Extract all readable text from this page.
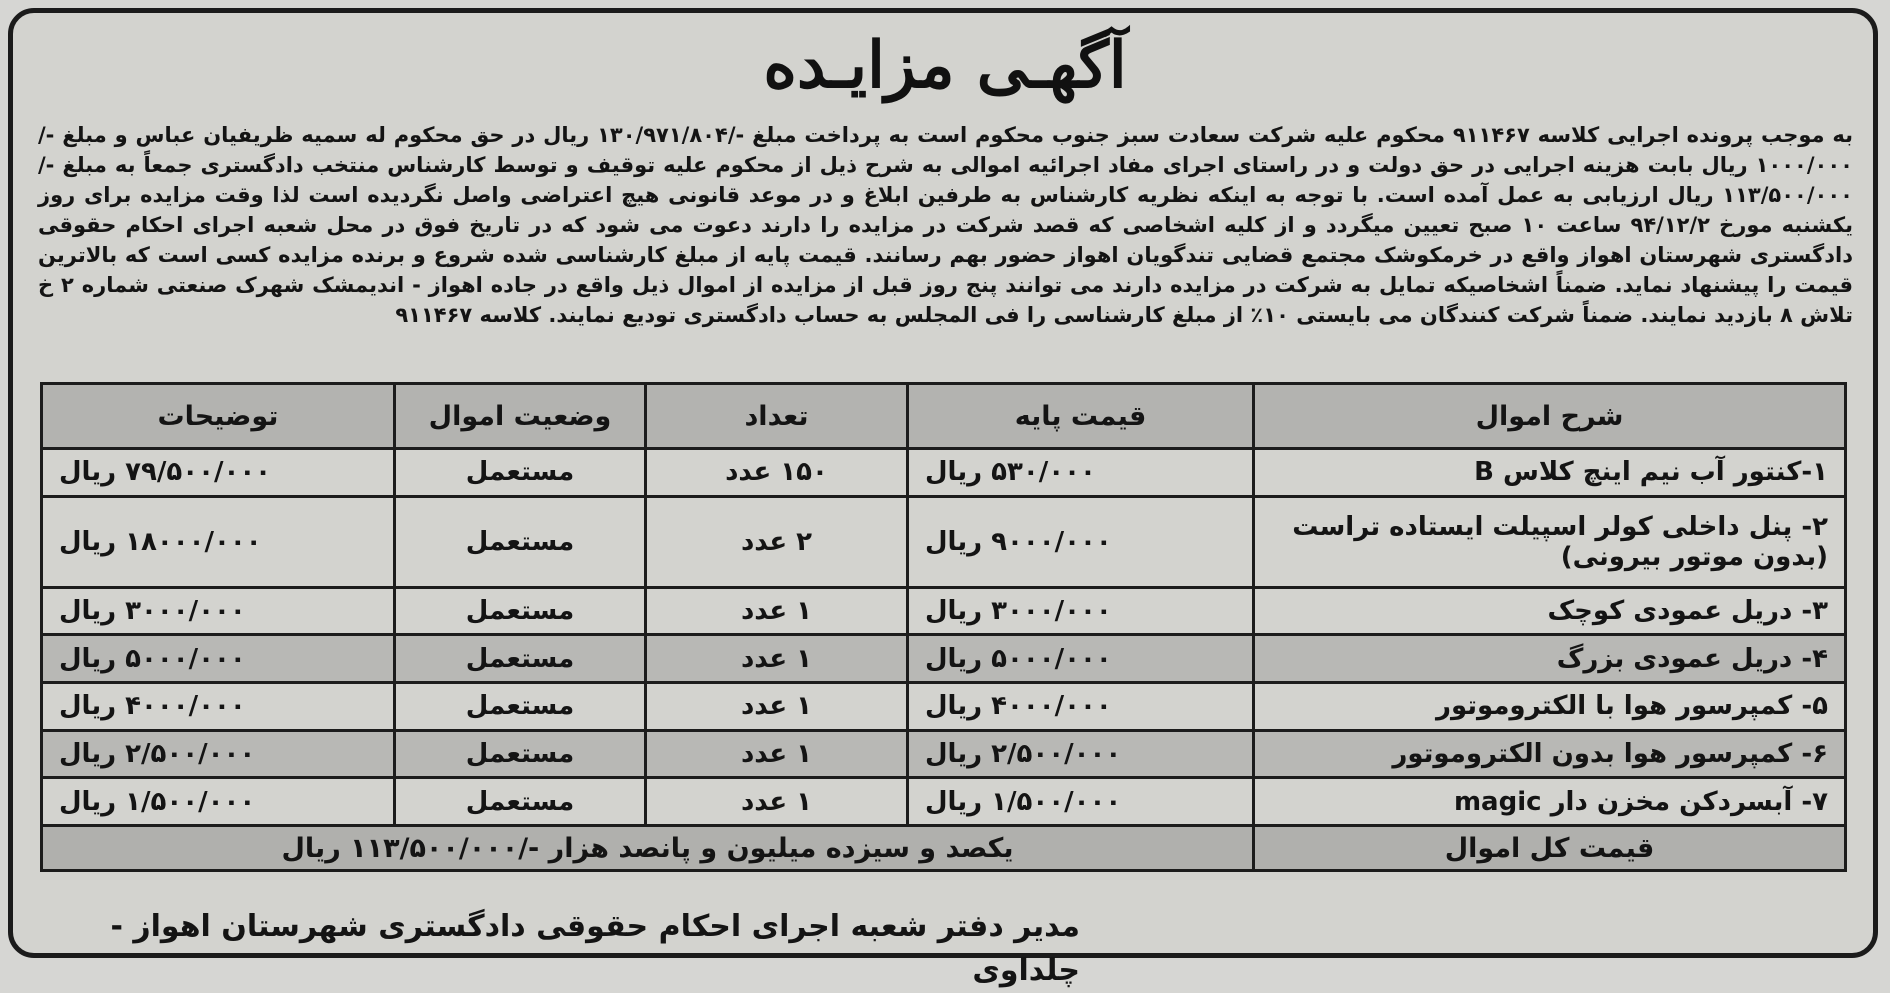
آگهـی مزایـده
به موجب پرونده اجرایی کلاسه ۹۱۱۴۶۷ محکوم علیه شرکت سعادت سبز جنوب محکوم است به پرداخت مبلغ -/۱۳۰/۹۷۱/۸۰۴ ریال در حق محکوم له سمیه ظریفیان عباس و مبلغ -/۱۰۰۰/۰۰۰ ریال بابت هزینه اجرایی در حق دولت و در راستای اجرای مفاد اجرائیه اموالی به شرح ذیل از محکوم علیه توقیف و توسط کارشناس منتخب دادگستری جمعاً به مبلغ -/۱۱۳/۵۰۰/۰۰۰ ریال ارزیابی به عمل آمده است. با توجه به اینکه نظریه کارشناس به طرفین ابلاغ و در موعد قانونی هیچ اعتراضی واصل نگردیده است لذا وقت مزایده برای روز یکشنبه مورخ ۹۴/۱۲/۲ ساعت ۱۰ صبح تعیین میگردد و از کلیه اشخاصی که قصد شرکت در مزایده را دارند دعوت می شود که در تاریخ فوق در محل شعبه اجرای احکام حقوقی دادگستری شهرستان اهواز واقع در خرمکوشک مجتمع قضایی تندگویان اهواز حضور بهم رسانند. قیمت پایه از مبلغ کارشناسی شده شروع و برنده مزایده کسی است که بالاترین قیمت را پیشنهاد نماید. ضمناً اشخاصیکه تمایل به شرکت در مزایده دارند می توانند پنج روز قبل از مزایده از اموال ذیل واقع در جاده اهواز - اندیمشک شهرک صنعتی شماره ۲ خ تلاش ۸ بازدید نمایند. ضمناً شرکت کنندگان می بایستی ۱۰٪ از مبلغ کارشناسی را فی المجلس به حساب دادگستری توديع نمايند. کلاسه ۹۱۱۴۶۷
شرح اموال	قیمت پایه	تعداد	وضعیت اموال	توضیحات
۱-کنتور آب نیم اینچ کلاس B	۵۳۰/۰۰۰ ریال	۱۵۰ عدد	مستعمل	۷۹/۵۰۰/۰۰۰ ریال
۲- پنل داخلی کولر اسپیلت ایستاده تراست (بدون موتور بیرونی)	۹۰۰۰/۰۰۰ ریال	۲ عدد	مستعمل	۱۸۰۰۰/۰۰۰ ریال
۳- دریل عمودی کوچک	۳۰۰۰/۰۰۰ ریال	۱ عدد	مستعمل	۳۰۰۰/۰۰۰ ریال
۴- دریل عمودی بزرگ	۵۰۰۰/۰۰۰ ریال	۱ عدد	مستعمل	۵۰۰۰/۰۰۰ ریال
۵- کمپرسور هوا با الکتروموتور	۴۰۰۰/۰۰۰ ریال	۱ عدد	مستعمل	۴۰۰۰/۰۰۰ ریال
۶- کمپرسور هوا بدون الکتروموتور	۲/۵۰۰/۰۰۰ ریال	۱ عدد	مستعمل	۲/۵۰۰/۰۰۰ ریال
۷- آبسردکن مخزن دار magic	۱/۵۰۰/۰۰۰ ریال	۱ عدد	مستعمل	۱/۵۰۰/۰۰۰ ریال
قیمت کل اموال	یکصد و سیزده میلیون و پانصد هزار -/۱۱۳/۵۰۰/۰۰۰ ریال			
مدیر دفتر شعبه اجرای احکام حقوقی دادگستری شهرستان اهواز - چلداوی
